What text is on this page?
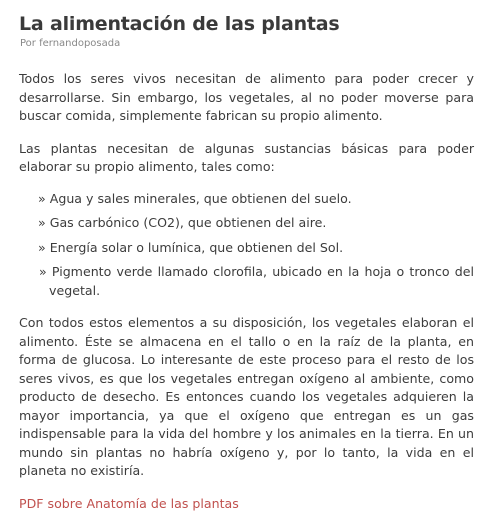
La alimentación de las plantas
Por fernandoposada

Todos los seres vivos necesitan de alimento para poder crecer y desarrollarse. Sin embargo, los vegetales, al no poder moverse para buscar comida, simplemente fabrican su propio alimento.

Las plantas necesitan de algunas sustancias básicas para poder elaborar su propio alimento, tales como:

» Agua y sales minerales, que obtienen del suelo.
» Gas carbónico (CO2), que obtienen del aire.
» Energía solar o lumínica, que obtienen del Sol.
» Pigmento verde llamado clorofila, ubicado en la hoja o tronco del vegetal.

Con todos estos elementos a su disposición, los vegetales elaboran el alimento. Éste se almacena en el tallo o en la raíz de la planta, en forma de glucosa. Lo interesante de este proceso para el resto de los seres vivos, es que los vegetales entregan oxígeno al ambiente, como producto de desecho. Es entonces cuando los vegetales adquieren la mayor importancia, ya que el oxígeno que entregan es un gas indispensable para la vida del hombre y los animales en la tierra. En un mundo sin plantas no habría oxígeno y, por lo tanto, la vida en el planeta no existiría.

PDF sobre Anatomía de las plantas
